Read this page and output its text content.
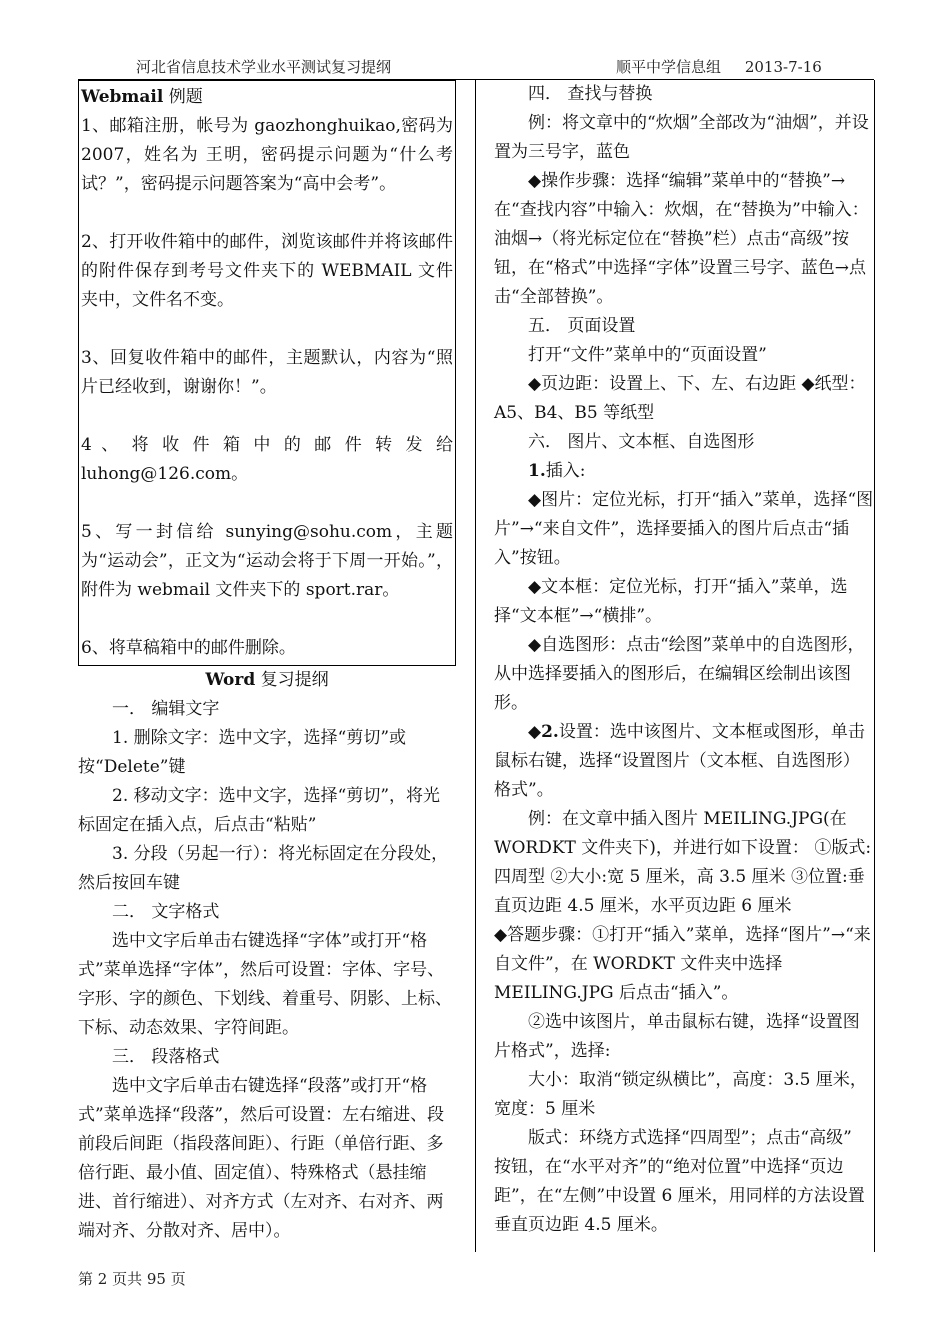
河北省信息技术学业水平测试复习提纲	顺平中学信息组     2013-7-16

Webmail 例题

1、邮箱注册，帐号为 gaozhonghuikao,密码为 2007，姓名为 王明，密码提示问题为“什么考试？”，密码提示问题答案为“高中会考”。

2、打开收件箱中的邮件，浏览该邮件并将该邮件的附件保存到考号文件夹下的 WEBMAIL 文件夹中，文件名不变。

3、回复收件箱中的邮件，主题默认，内容为“照片已经收到，谢谢你！”。

4 、 将 收 件 箱 中 的 邮 件 转 发 给 luhong@126.com。

5、写一封信给 sunying@sohu.com，主题为“运动会”，正文为“运动会将于下周一开始。”，附件为 webmail 文件夹下的 sport.rar。

6、将草稿箱中的邮件删除。

Word 复习提纲

一． 编辑文字

1. 删除文字：选中文字，选择“剪切”或按“Delete”键

2. 移动文字：选中文字，选择“剪切”，将光标固定在插入点，后点击“粘贴”

3. 分段（另起一行）：将光标固定在分段处，然后按回车键

二． 文字格式

选中文字后单击右键选择“字体”或打开“格式”菜单选择“字体”，然后可设置：字体、字号、字形、字的颜色、下划线、着重号、阴影、上标、下标、动态效果、字符间距。

三． 段落格式

选中文字后单击右键选择“段落”或打开“格式”菜单选择“段落”，然后可设置：左右缩进、段前段后间距（指段落间距）、行距（单倍行距、多倍行距、最小值、固定值）、特殊格式（悬挂缩进、首行缩进）、对齐方式（左对齐、右对齐、两端对齐、分散对齐、居中）。

四． 查找与替换

例：将文章中的“炊烟”全部改为“油烟”，并设置为三号字，蓝色

◆操作步骤：选择“编辑”菜单中的“替换”→在“查找内容”中输入：炊烟，在“替换为”中输入：油烟→（将光标定位在“替换”栏）点击“高级”按钮，在“格式”中选择“字体”设置三号字、蓝色→点击“全部替换”。

五． 页面设置

打开“文件”菜单中的“页面设置”

◆页边距：设置上、下、左、右边距 ◆纸型：A5、B4、B5 等纸型

六． 图片、文本框、自选图形

1.插入:

◆图片：定位光标，打开“插入”菜单，选择“图片”→“来自文件”，选择要插入的图片后点击“插入”按钮。

◆文本框：定位光标，打开“插入”菜单，选择“文本框”→“横排”。

◆自选图形：点击“绘图”菜单中的自选图形，从中选择要插入的图形后，在编辑区绘制出该图形。

◆2.设置：选中该图片、文本框或图形，单击鼠标右键，选择“设置图片（文本框、自选图形）格式”。

例：在文章中插入图片 MEILING.JPG(在 WORDKT 文件夹下)，并进行如下设置： ①版式:四周型 ②大小:宽 5 厘米，高 3.5 厘米 ③位置:垂直页边距 4.5 厘米，水平页边距 6 厘米

◆答题步骤：①打开“插入”菜单，选择“图片”→“来自文件”，在 WORDKT 文件夹中选择 MEILING.JPG 后点击“插入”。

②选中该图片，单击鼠标右键，选择“设置图片格式”，选择:

大小：取消“锁定纵横比”，高度：3.5 厘米，宽度：5 厘米

版式：环绕方式选择“四周型”；点击“高级” 按钮，在“水平对齐”的“绝对位置”中选择“页边距”，在“左侧”中设置 6 厘米，用同样的方法设置垂直页边距 4.5 厘米。

第 2 页共 95 页
